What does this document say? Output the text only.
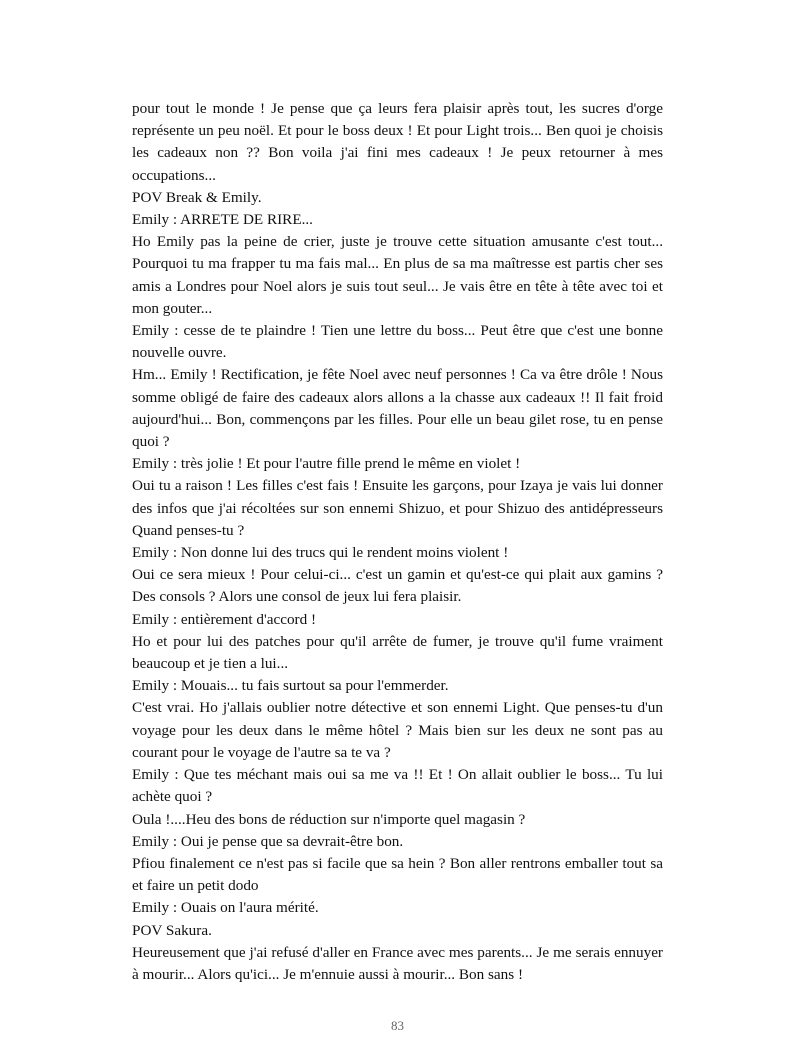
pour tout le monde ! Je pense que ça leurs fera plaisir après tout, les sucres d'orge représente un peu noël. Et pour le boss deux ! Et pour Light trois... Ben quoi je choisis les cadeaux non ?? Bon voila j'ai fini mes cadeaux ! Je peux retourner à mes occupations...

POV Break & Emily.

Emily : ARRETE DE RIRE...

Ho Emily pas la peine de crier, juste je trouve cette situation amusante c'est tout... Pourquoi tu ma frapper tu ma fais mal... En plus de sa ma maîtresse est partis cher ses amis a Londres pour Noel alors je suis tout seul... Je vais être en tête à tête avec toi et mon gouter...

Emily : cesse de te plaindre ! Tien une lettre du boss... Peut être que c'est une bonne nouvelle ouvre.

Hm... Emily ! Rectification, je fête Noel avec neuf personnes ! Ca va être drôle ! Nous somme obligé de faire des cadeaux alors allons a la chasse aux cadeaux !! Il fait froid aujourd'hui... Bon, commençons par les filles. Pour elle un beau gilet rose, tu en pense quoi ?

Emily : très jolie ! Et pour l'autre fille prend le même en violet !

Oui tu a raison ! Les filles c'est fais ! Ensuite les garçons, pour Izaya je vais lui donner des infos que j'ai récoltées sur son ennemi Shizuo, et pour Shizuo des antidépresseurs Quand penses-tu ?

Emily : Non donne lui des trucs qui le rendent moins violent !

Oui ce sera mieux ! Pour celui-ci... c'est un gamin et qu'est-ce qui plait aux gamins ? Des consols ? Alors une consol de jeux lui fera plaisir.

Emily : entièrement d'accord !

Ho et pour lui des patches pour qu'il arrête de fumer, je trouve qu'il fume vraiment beaucoup et je tien a lui...

Emily : Mouais... tu fais surtout sa pour l'emmerder.

C'est vrai. Ho j'allais oublier notre détective et son ennemi Light. Que penses-tu d'un voyage pour les deux dans le même hôtel ? Mais bien sur les deux ne sont pas au courant pour le voyage de l'autre sa te va ?

Emily : Que tes méchant mais oui sa me va !! Et ! On allait oublier le boss... Tu lui achète quoi ?

Oula !....Heu des bons de réduction sur n'importe quel magasin ?

Emily : Oui je pense que sa devrait-être bon.

Pfiou finalement ce n'est pas si facile que sa hein ? Bon aller rentrons emballer tout sa et faire un petit dodo

Emily : Ouais on l'aura mérité.

POV Sakura.

Heureusement que j'ai refusé d'aller en France avec mes parents... Je me serais ennuyer à mourir... Alors qu'ici... Je m'ennuie aussi à mourir... Bon sans !

83
